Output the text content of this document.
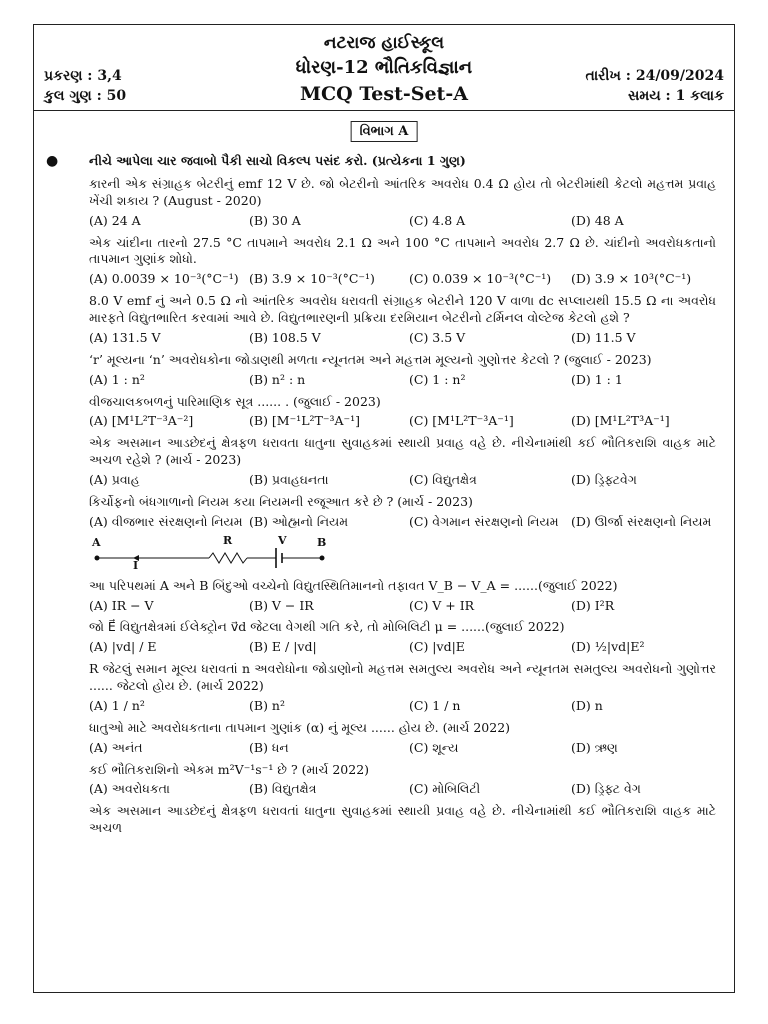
નટરાજ હાઈસ્કૂલ
ધોરણ-12 ભૌતિકવિજ્ઞાન
MCQ Test-Set-A
પ્રકરણ : 3,4
કુલ ગુણ : 50
તારીખ : 24/09/2024
સમય : 1 કલાક
વિભાગ A
● નીચે આપેલા ચાર જવાબો પૈકી સાચો વિકલ્પ પસંદ કરો. (પ્રત્યેકના 1 ગુણ)
કારની એક સંગ્રાહક બેટરીનું emf 12 V છે. જો બેટરીનો આંતરિક અવરોધ 0.4 Ω હોય તો બેટરીમાંથી કેટલો મહત્તમ પ્રવાહ ખેંચી શકાય ? (August - 2020)
(A) 24 A	(B) 30 A	(C) 4.8 A	(D) 48 A
એક ચાંદીના તારનો 27.5 °C તાપમાને અવરોધ 2.1 Ω અને 100 °C તાપમાને અવરોધ 2.7 Ω છે. ચાંદીનો અવરોધકતાનો તાપમાન ગુણાંક શોધો.
(A) 0.0039 × 10⁻³(°C⁻¹) (B) 3.9 × 10⁻³(°C⁻¹)	(C) 0.039 × 10⁻³(°C⁻¹)	(D) 3.9 × 10³(°C⁻¹)
8.0 V emf નું અને 0.5 Ω નો આંતરિક અવરોધ ધરાવતી સંગ્રાહક બેટરીને 120 V વાળા dc સપ્લાયથી 15.5 Ω ના અવરોધ મારફતે વિદ્યુતભારિત કરવામાં આવે છે. વિદ્યુતભારણની પ્રક્રિયા દરમિયાન બેટરીનો ટર્મિનલ વોલ્ટેજ કેટલો હશે ?
(A) 131.5 V	(B) 108.5 V	(C) 3.5 V	(D) 11.5 V
‘r’ મૂલ્યના ‘n’ અવરોધકોના જોડાણથી મળતા ન્યૂનતમ અને મહત્તમ મૂલ્યનો ગુણોત્તર કેટલો ? (જુલાઈ - 2023)
(A) 1 : n²	(B) n² : n	(C) 1 : n²	(D) 1 : 1
વીજચાલકબળનું પારિમાણિક સૂત્ર ...... . (જુલાઈ - 2023)
(A) [M¹L²T⁻³A⁻²]	(B) [M⁻¹L²T⁻³A⁻¹]	(C) [M¹L²T⁻³A⁻¹]	(D) [M¹L²T³A⁻¹]
એક અસમાન આડછેદનું ક્ષેત્રફળ ધરાવતા ધાતુના સુવાહકમાં સ્થાયી પ્રવાહ વહે છે. નીચેનામાંથી કઈ ભૌતિકરાશિ વાહક માટે અચળ રહેશે ? (માર્ચ - 2023)
(A) પ્રવાહ	(B) પ્રવાહઘનતા	(C) વિદ્યુતક્ષેત્ર	(D) ડ્રિફ્ટવેગ
કિર્ચોફનો બંધગાળાનો નિયમ કયા નિયમની રજૂઆત કરે છે ? (માર્ચ - 2023)
(A) વીજભાર સંરક્ષણનો નિયમ (B) ઓહ્મનો નિયમ	(C) વેગમાન સંરક્ષણનો નિયમ (D) ઊર્જા સંરક્ષણનો નિયમ
A
I
R	V	B
આ પરિપથમાં A અને B બિંદુઓ વચ્ચેનો વિદ્યુતસ્થિતિમાનનો તફાવત V_B − V_A = ......(જુલાઈ 2022)
(A) IR − V	(B) V − IR	(C) V + IR	(D) I²R
જો E⃗ વિદ્યુતક્ષેત્રમાં ઈલેક્ટ્રોન v⃗d જેટલા વેગથી ગતિ કરે, તો મોબિલિટી μ = ......(જુલાઈ 2022)
(A) |vd| / E	(B) E / |vd|	(C) |vd|E	(D) ½|vd|E²
R જેટલું સમાન મૂલ્ય ધરાવતાં n અવરોધોના જોડાણોનો મહત્તમ સમતુલ્ય અવરોધ અને ન્યૂનતમ સમતુલ્ય અવરોધનો ગુણોત્તર ...... જેટલો હોય છે. (માર્ચ 2022)
(A) 1 / n²	(B) n²	(C) 1 / n	(D) n
ધાતુઓ માટે અવરોધકતાના તાપમાન ગુણાંક (α) નું મૂલ્ય ...... હોય છે. (માર્ચ 2022)
(A) અનંત	(B) ધન	(C) શૂન્ય	(D) ઋણ
કઈ ભૌતિકરાશિનો એકમ m²V⁻¹s⁻¹ છે ? (માર્ચ 2022)
(A) અવરોધકતા	(B) વિદ્યુતક્ષેત્ર	(C) મોબિલિટી	(D) ડ્રિફ્ટ વેગ
એક અસમાન આડછેદનું ક્ષેત્રફળ ધરાવતાં ધાતુના સુવાહકમાં સ્થાયી પ્રવાહ વહે છે. નીચેનામાંથી કઈ ભૌતિકરાશિ વાહક માટે અચળ
